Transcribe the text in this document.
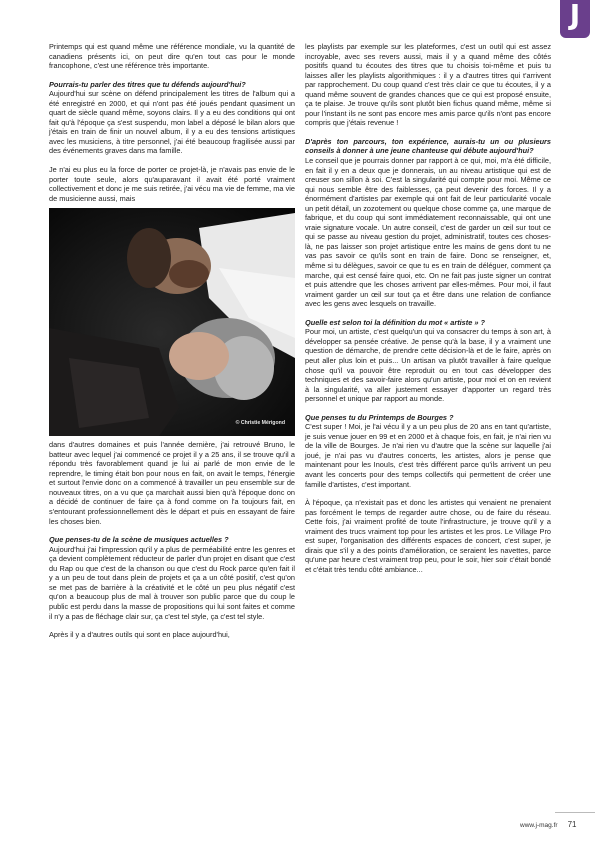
J

Printemps qui est quand même une référence mondiale, vu la quantité de canadiens présents ici, on peut dire qu'en tout cas pour le monde francophone, c'est une référence très importante.

Pourrais-tu parler des titres que tu défends aujourd'hui?

Aujourd'hui sur scène on défend principalement les titres de l'album qui a été enregistré en 2000, et qui n'ont pas été joués pendant quasiment un quart de siècle quand même, soyons clairs. Il y a eu des conditions qui ont fait qu'à l'époque ça s'est suspendu, mon label a déposé le bilan alors que j'étais en train de finir un nouvel album, il y a eu des tensions artistiques avec les musiciens, à titre personnel, j'ai été beaucoup fragilisée aussi par des événements graves dans ma famille.

Je n'ai eu plus eu la force de porter ce projet-là, je n'avais pas envie de le porter toute seule, alors qu'auparavant il avait été porté vraiment collectivement et donc je me suis retirée, j'ai vécu ma vie de femme, ma vie de musicienne aussi, mais

© Christie Mérigond

dans d'autres domaines et puis l'année dernière, j'ai retrouvé Bruno, le batteur avec lequel j'ai commencé ce projet il y a 25 ans, il se trouve qu'il a répondu très favorablement quand je lui ai parlé de mon envie de le reprendre, le timing était bon pour nous en fait, on avait le temps, l'énergie et surtout l'envie donc on a commencé à travailler un peu ensemble sur de nouveaux titres, on a vu que ça marchait aussi bien qu'à l'époque donc on a décidé de continuer de faire ça à fond comme on l'a toujours fait, en s'entourant professionnellement dès le départ et puis en essayant de faire les choses bien.

Que penses-tu de la scène de musiques actuelles ?

Aujourd'hui j'ai l'impression qu'il y a plus de perméabilité entre les genres et ça devient complètement réducteur de parler d'un projet en disant que c'est du Rap ou que c'est de la chanson ou que c'est du Rock parce qu'en fait il y a un peu de tout dans plein de projets et ça a un côté positif, c'est qu'on se met pas de barrière à la créativité et le côté un peu plus négatif c'est qu'on a beaucoup plus de mal à trouver son public parce que du coup le public est perdu dans la masse de propositions qui lui sont faites et comme il n'y a pas de fléchage clair sur, ça c'est tel style, ça c'est tel style.

Après il y a d'autres outils qui sont en place aujourd'hui,

les playlists par exemple sur les plateformes, c'est un outil qui est assez incroyable, avec ses revers aussi, mais il y a quand même des côtés positifs quand tu écoutes des titres que tu choisis toi-même et puis tu laisses aller les playlists algorithmiques : il y a d'autres titres qui t'arrivent par rapprochement. Du coup quand c'est très clair ce que tu écoutes, il y a quand même souvent de grandes chances que ce qui est proposé ensuite, ça te plaise. Je trouve qu'ils sont plutôt bien fichus quand même, même si pour l'instant ils ne sont pas encore mes amis parce qu'ils n'ont pas encore compris que j'étais revenue !

D'après ton parcours, ton expérience, aurais-tu un ou plusieurs conseils à donner à une jeune chanteuse qui débute aujourd'hui?

Le conseil que je pourrais donner par rapport à ce qui, moi, m'a été difficile, en fait il y en a deux que je donnerais, un au niveau artistique qui est de creuser son sillon à soi. C'est la singularité qui compte pour moi. Même ce qui nous semble être des faiblesses, ça peut devenir des forces. Il y a énormément d'artistes par exemple qui ont fait de leur particularité vocale un petit détail, un zozotement ou quelque chose comme ça, une marque de fabrique, et du coup qui sont immédiatement reconnaissable, qui ont une vraie signature vocale. Un autre conseil, c'est de garder un œil sur tout ce qui se passe au niveau gestion du projet, administratif, toutes ces choses-là, ne pas laisser son projet artistique entre les mains de gens dont tu ne vas pas savoir ce qu'ils sont en train de faire. Donc se renseigner, et, même si tu délègues, savoir ce que tu es en train de déléguer, comment ça marche, qui est censé faire quoi, etc. On ne fait pas juste signer un contrat et puis attendre que les choses arrivent par elles-mêmes. Pour moi, il faut vraiment garder un œil sur tout ça et être dans une relation de confiance avec les gens avec lesquels on travaille.

Quelle est selon toi la définition du mot « artiste » ?

Pour moi, un artiste, c'est quelqu'un qui va consacrer du temps à son art, à développer sa pensée créative. Je pense qu'à la base, il y a vraiment une question de démarche, de prendre cette décision-là et de le faire, après on peut aller plus loin et puis... Un artisan va plutôt travailler à faire quelque chose qu'il va pouvoir être reproduit ou en tout cas développer des techniques et des savoir-faire alors qu'un artiste, pour moi et on en revient à la singularité, va aller justement essayer d'apporter un regard très personnel et unique par rapport au monde.

Que penses tu du Printemps de Bourges ?

C'est super ! Moi, je l'ai vécu il y a un peu plus de 20 ans en tant qu'artiste, je suis venue jouer en 99 et en 2000 et à chaque fois, en fait, je n'ai rien vu de la ville de Bourges. Je n'ai rien vu d'autre que la scène sur laquelle j'ai joué, je n'ai pas vu d'autres concerts, les artistes, alors je pense que maintenant pour les Inouïs, c'est très différent parce qu'ils arrivent un peu avant les concerts pour des temps collectifs qui permettent de créer une famille d'artistes, c'est important.

À l'époque, ça n'existait pas et donc les artistes qui venaient ne prenaient pas forcément le temps de regarder autre chose, ou de faire du réseau. Cette fois, j'ai vraiment profité de toute l'infrastructure, je trouve qu'il y a vraiment des trucs vraiment top pour les artistes et les pros. Le Village Pro est super, l'organisation des différents espaces de concert, c'est super, je dirais que s'il y a des points d'amélioration, ce seraient les navettes, parce qu'une par heure c'est vraiment trop peu, pour le soir, hier soir c'était bondé et c'était très tendu côté ambiance...

www.j-mag.fr 71
